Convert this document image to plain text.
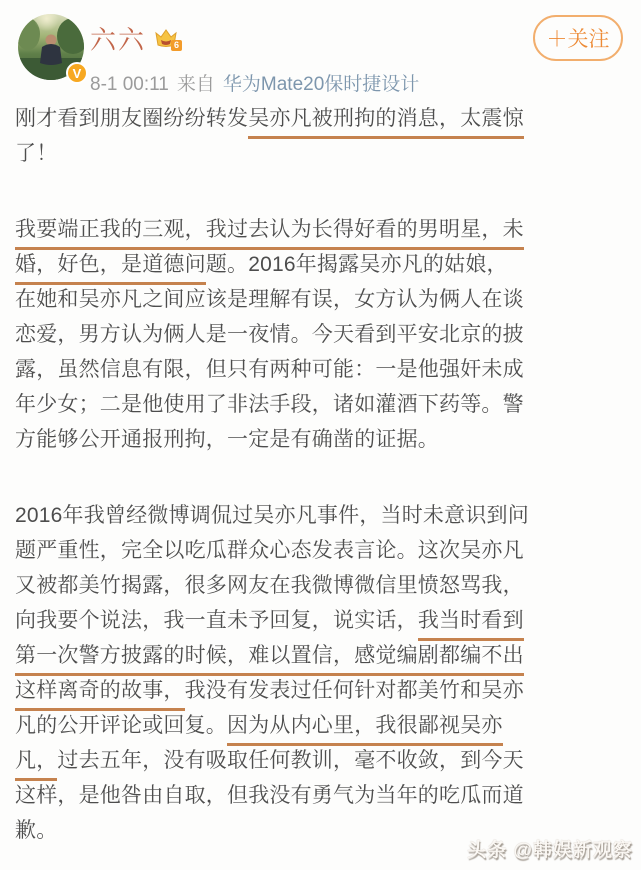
V
六六	6
8-1 00:11 来自 华为Mate20保时捷设计
＋关注
刚才看到朋友圈纷纷转发吴亦凡被刑拘的消息，太震惊
了！
我要端正我的三观，我过去认为长得好看的男明星，未
婚，好色，是道德问题。2016年揭露吴亦凡的姑娘，
在她和吴亦凡之间应该是理解有误，女方认为俩人在谈
恋爱，男方认为俩人是一夜情。今天看到平安北京的披
露，虽然信息有限，但只有两种可能：一是他强奸未成
年少女；二是他使用了非法手段，诸如灌酒下药等。警
方能够公开通报刑拘，一定是有确凿的证据。
2016年我曾经微博调侃过吴亦凡事件，当时未意识到问
题严重性，完全以吃瓜群众心态发表言论。这次吴亦凡
又被都美竹揭露，很多网友在我微博微信里愤怒骂我，
向我要个说法，我一直未予回复，说实话，我当时看到
第一次警方披露的时候，难以置信，感觉编剧都编不出
这样离奇的故事，我没有发表过任何针对都美竹和吴亦
凡的公开评论或回复。因为从内心里，我很鄙视吴亦
凡，过去五年，没有吸取任何教训，毫不收敛，到今天
这样，是他咎由自取，但我没有勇气为当年的吃瓜而道
歉。
头条 @韩娱新观察
